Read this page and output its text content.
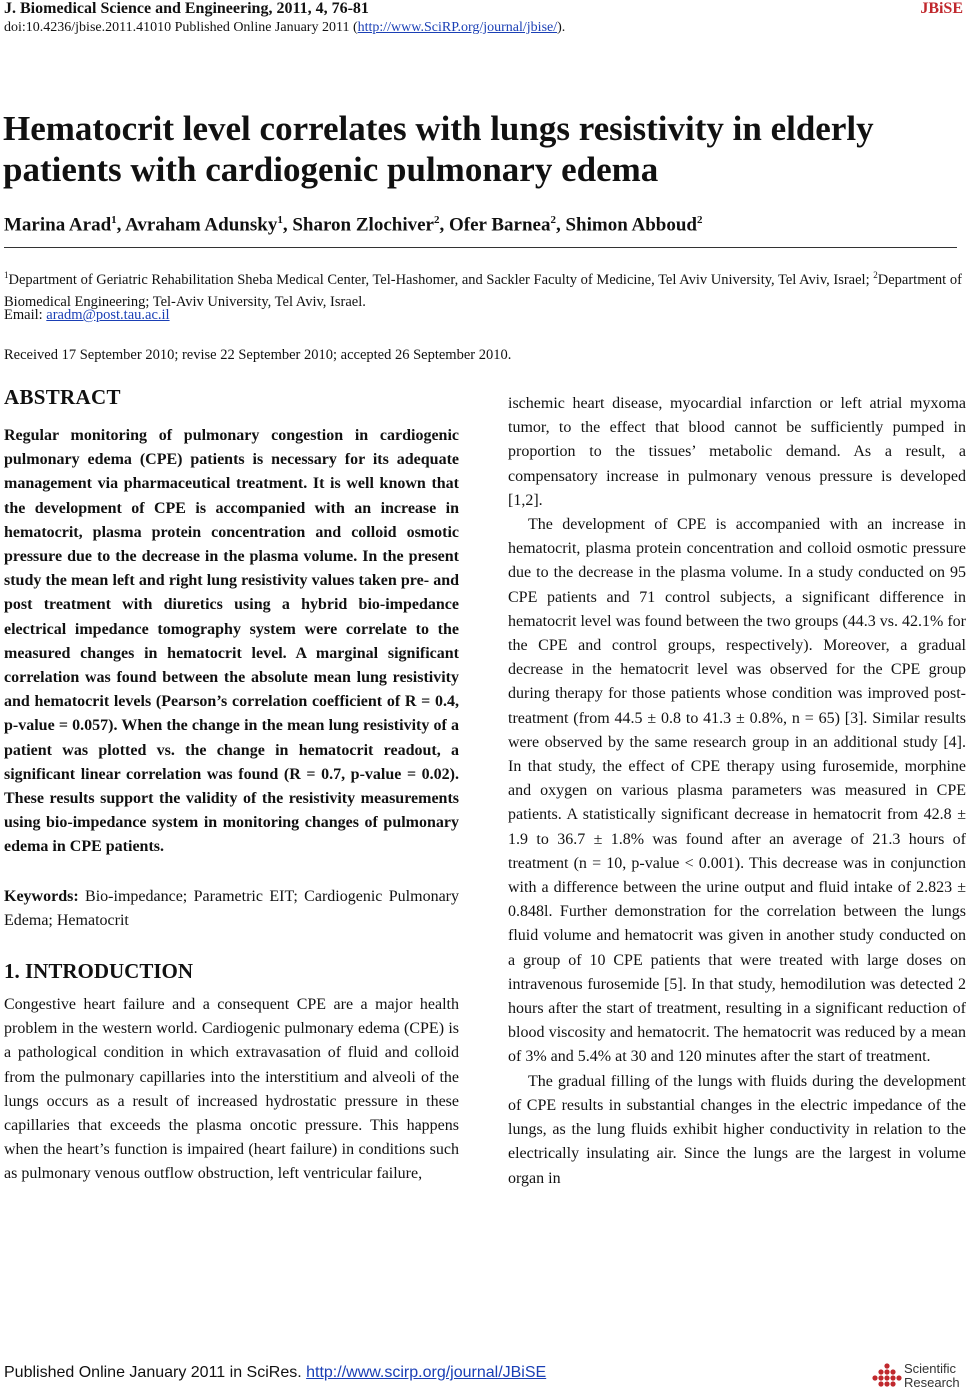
J. Biomedical Science and Engineering, 2011, 4, 76-81	JBiSE
doi:10.4236/jbise.2011.41010 Published Online January 2011 (http://www.SciRP.org/journal/jbise/).
Hematocrit level correlates with lungs resistivity in elderly patients with cardiogenic pulmonary edema
Marina Arad$^1$, Avraham Adunsky$^1$, Sharon Zlochiver$^2$, Ofer Barnea$^2$, Shimon Abboud$^2$
$^1$Department of Geriatric Rehabilitation Sheba Medical Center, Tel-Hashomer, and Sackler Faculty of Medicine, Tel Aviv University, Tel Aviv, Israel; $^2$Department of Biomedical Engineering; Tel-Aviv University, Tel Aviv, Israel.
Email: aradm@post.tau.ac.il
Received 17 September 2010; revise 22 September 2010; accepted 26 September 2010.
ABSTRACT

Regular monitoring of pulmonary congestion in cardiogenic pulmonary edema (CPE) patients is necessary for its adequate management via pharmaceutical treatment. It is well known that the development of CPE is accompanied with an increase in hematocrit, plasma protein concentration and colloid osmotic pressure due to the decrease in the plasma volume. In the present study the mean left and right lung resistivity values taken pre- and post treatment with diuretics using a hybrid bio-impedance electrical impedance tomography system were correlate to the measured changes in hematocrit level. A marginal significant correlation was found between the absolute mean lung resistivity and hematocrit levels (Pearson’s correlation coefficient of R = 0.4, p-value = 0.057). When the change in the mean lung resistivity of a patient was plotted vs. the change in hematocrit readout, a significant linear correlation was found (R = 0.7, p-value = 0.02). These results support the validity of the resistivity measurements using bio-impedance system in monitoring changes of pulmonary edema in CPE patients.

Keywords: Bio-impedance; Parametric EIT; Cardiogenic Pulmonary Edema; Hematocrit

1. INTRODUCTION

Congestive heart failure and a consequent CPE are a major health problem in the western world. Cardiogenic pulmonary edema (CPE) is a pathological condition in which extravasation of fluid and colloid from the pulmonary capillaries into the interstitium and alveoli of the lungs occurs as a result of increased hydrostatic pressure in these capillaries that exceeds the plasma oncotic pressure. This happens when the heart’s function is impaired (heart failure) in conditions such as pulmonary venous outflow obstruction, left ventricular failure,

ischemic heart disease, myocardial infarction or left atrial myxoma tumor, to the effect that blood cannot be sufficiently pumped in proportion to the tissues’ metabolic demand. As a result, a compensatory increase in pulmonary venous pressure is developed [1,2].

The development of CPE is accompanied with an increase in hematocrit, plasma protein concentration and colloid osmotic pressure due to the decrease in the plasma volume. In a study conducted on 95 CPE patients and 71 control subjects, a significant difference in hematocrit level was found between the two groups (44.3 vs. 42.1% for the CPE and control groups, respectively). Moreover, a gradual decrease in the hematocrit level was observed for the CPE group during therapy for those patients whose condition was improved post-treatment (from 44.5 ± 0.8 to 41.3 ± 0.8%, n = 65) [3]. Similar results were observed by the same research group in an additional study [4]. In that study, the effect of CPE therapy using furosemide, morphine and oxygen on various plasma parameters was measured in CPE patients. A statistically significant decrease in hematocrit from 42.8 ± 1.9 to 36.7 ± 1.8% was found after an average of 21.3 hours of treatment (n = 10, p-value < 0.001). This decrease was in conjunction with a difference between the urine output and fluid intake of 2.823 ± 0.848l. Further demonstration for the correlation between the lungs fluid volume and hematocrit was given in another study conducted on a group of 10 CPE patients that were treated with large doses on intravenous furosemide [5]. In that study, hemodilution was detected 2 hours after the start of treatment, resulting in a significant reduction of blood viscosity and hematocrit. The hematocrit was reduced by a mean of 3% and 5.4% at 30 and 120 minutes after the start of treatment.

The gradual filling of the lungs with fluids during the development of CPE results in substantial changes in the electric impedance of the lungs, as the lung fluids exhibit higher conductivity in relation to the electrically insulating air. Since the lungs are the largest in volume organ in

Published Online January 2011 in SciRes. http://www.scirp.org/journal/JBiSE	Scientific
Research
